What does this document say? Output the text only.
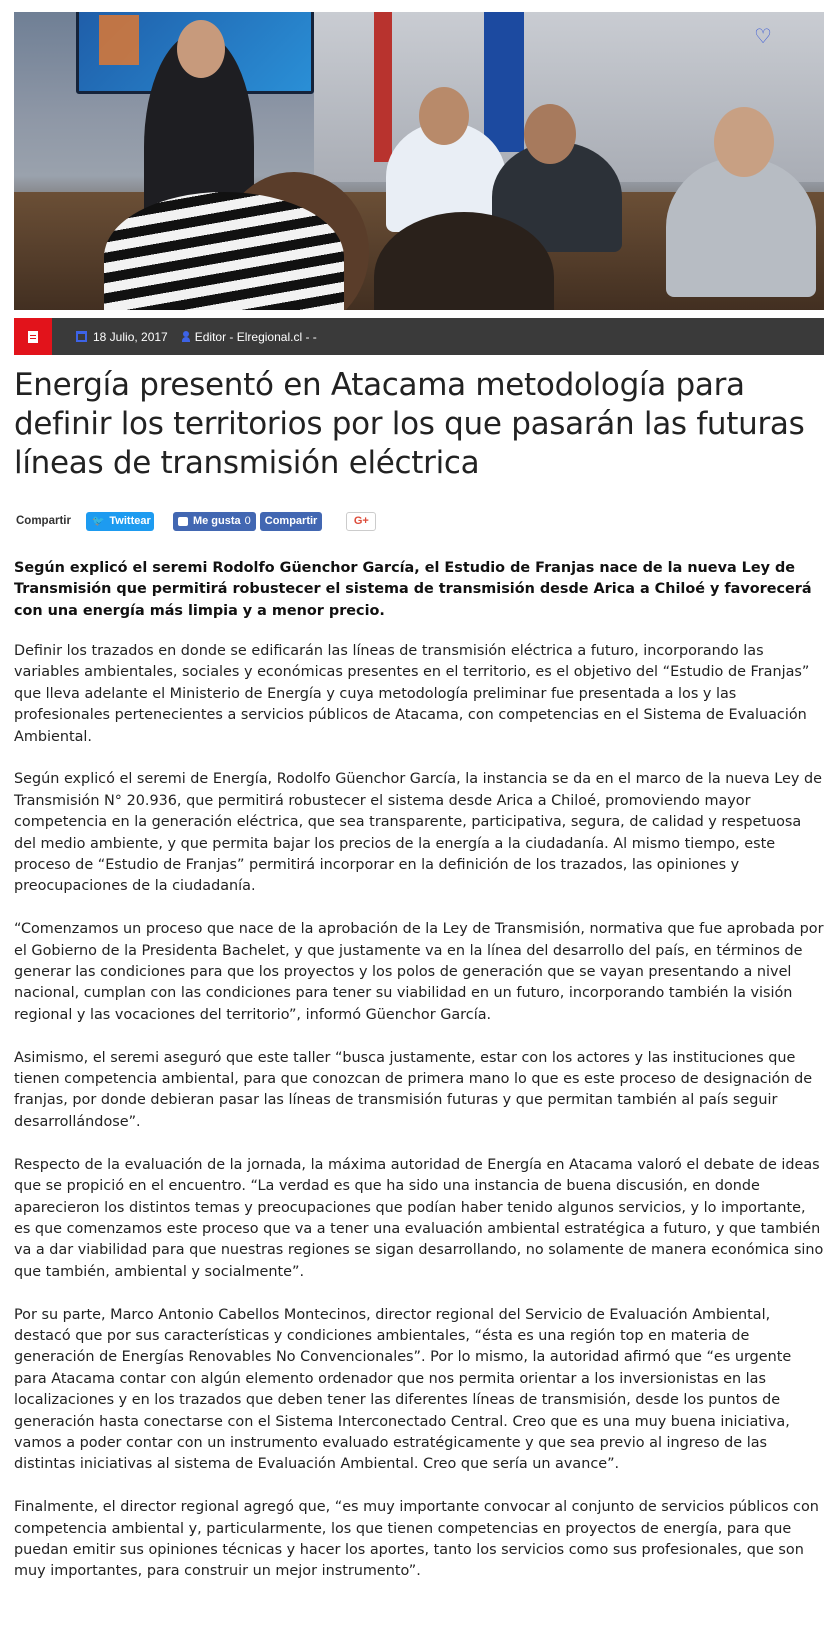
♡
18 Julio, 2017 Editor - Elregional.cl - -
Energía presentó en Atacama metodología para definir los territorios por los que pasarán las futuras líneas de transmisión eléctrica
Compartir 🐦 Twittear	Me gusta 0 Compartir	G+

Según explicó el seremi Rodolfo Güenchor García, el Estudio de Franjas nace de la nueva Ley de Transmisión que permitirá robustecer el sistema de transmisión desde Arica a Chiloé y favorecerá con una energía más limpia y a menor precio.

Definir los trazados en donde se edificarán las líneas de transmisión eléctrica a futuro, incorporando las variables ambientales, sociales y económicas presentes en el territorio, es el objetivo del “Estudio de Franjas” que lleva adelante el Ministerio de Energía y cuya metodología preliminar fue presentada a los y las profesionales pertenecientes a servicios públicos de Atacama, con competencias en el Sistema de Evaluación Ambiental.

Según explicó el seremi de Energía, Rodolfo Güenchor García, la instancia se da en el marco de la nueva Ley de Transmisión N° 20.936, que permitirá robustecer el sistema desde Arica a Chiloé, promoviendo mayor competencia en la generación eléctrica, que sea transparente, participativa, segura, de calidad y respetuosa del medio ambiente, y que permita bajar los precios de la energía a la ciudadanía. Al mismo tiempo, este proceso de “Estudio de Franjas” permitirá incorporar en la definición de los trazados, las opiniones y preocupaciones de la ciudadanía.

“Comenzamos un proceso que nace de la aprobación de la Ley de Transmisión, normativa que fue aprobada por el Gobierno de la Presidenta Bachelet, y que justamente va en la línea del desarrollo del país, en términos de generar las condiciones para que los proyectos y los polos de generación que se vayan presentando a nivel nacional, cumplan con las condiciones para tener su viabilidad en un futuro, incorporando también la visión regional y las vocaciones del territorio”, informó Güenchor García.

Asimismo, el seremi aseguró que este taller “busca justamente, estar con los actores y las instituciones que tienen competencia ambiental, para que conozcan de primera mano lo que es este proceso de designación de franjas, por donde debieran pasar las líneas de transmisión futuras y que permitan también al país seguir desarrollándose”.

Respecto de la evaluación de la jornada, la máxima autoridad de Energía en Atacama valoró el debate de ideas que se propició en el encuentro. “La verdad es que ha sido una instancia de buena discusión, en donde aparecieron los distintos temas y preocupaciones que podían haber tenido algunos servicios, y lo importante, es que comenzamos este proceso que va a tener una evaluación ambiental estratégica a futuro, y que también va a dar viabilidad para que nuestras regiones se sigan desarrollando, no solamente de manera económica sino que también, ambiental y socialmente”.

Por su parte, Marco Antonio Cabellos Montecinos, director regional del Servicio de Evaluación Ambiental, destacó que por sus características y condiciones ambientales, “ésta es una región top en materia de generación de Energías Renovables No Convencionales”. Por lo mismo, la autoridad afirmó que “es urgente para Atacama contar con algún elemento ordenador que nos permita orientar a los inversionistas en las localizaciones y en los trazados que deben tener las diferentes líneas de transmisión, desde los puntos de generación hasta conectarse con el Sistema Interconectado Central. Creo que es una muy buena iniciativa, vamos a poder contar con un instrumento evaluado estratégicamente y que sea previo al ingreso de las distintas iniciativas al sistema de Evaluación Ambiental. Creo que sería un avance”.

Finalmente, el director regional agregó que, “es muy importante convocar al conjunto de servicios públicos con competencia ambiental y, particularmente, los que tienen competencias en proyectos de energía, para que puedan emitir sus opiniones técnicas y hacer los aportes, tanto los servicios como sus profesionales, que son muy importantes, para construir un mejor instrumento”.
